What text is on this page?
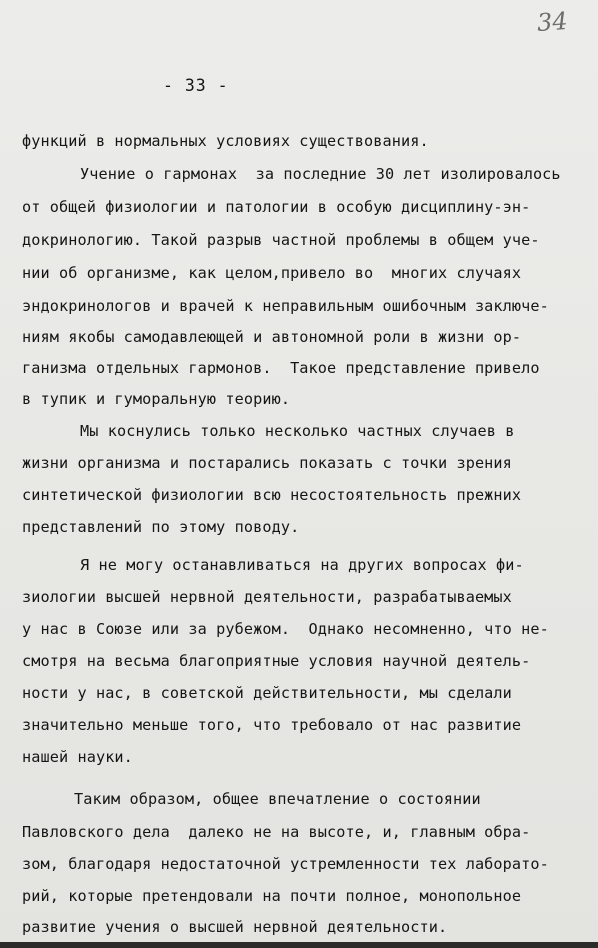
34
- 33 -
функций в нормальных условиях существования.
Учение о гармонах  за последние 30 лет изолировалось
от общей физиологии и патологии в особую дисциплину-эн-
докринологию. Такой разрыв частной проблемы в общем уче-
нии об организме, как целом,привело во  многих случаях
эндокринологов и врачей к неправильным ошибочным заключе-
ниям якобы самодавлеющей и автономной роли в жизни ор-
ганизма отдельных гармонов.  Такое представление привело
в тупик и гуморальную теорию.
Мы коснулись только несколько частных случаев в
жизни организма и постарались показать с точки зрения
синтетической физиологии всю несостоятельность прежних
представлений по этому поводу.
Я не могу останавливаться на других вопросах фи-
зиологии высшей нервной деятельности, разрабатываемых
у нас в Союзе или за рубежом.  Однако несомненно, что не-
смотря на весьма благоприятные условия научной деятель-
ности у нас, в советской действительности, мы сделали
значительно меньше того, что требовало от нас развитие
нашей науки.
Таким образом, общее впечатление о состоянии
Павловского дела  далеко не на высоте, и, главным обра-
зом, благодаря недостаточной устремленности тех лаборато-
рий, которые претендовали на почти полное, монопольное
развитие учения о высшей нервной деятельности.
